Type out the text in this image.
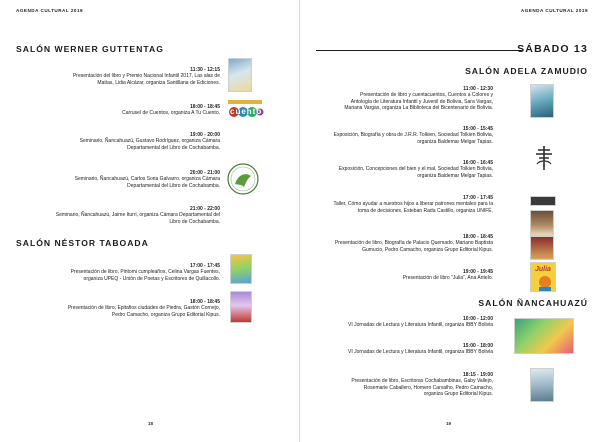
AGENDA CULTURAL 2019
SALÓN WERNER GUTTENTAG
11:30 - 12:15
Presentación del libro y Premio Nacional Infantil 2017, Las alas de
Matías, Lidia Alcázar, organiza Santillana de Ediciones.
18:00 - 18:45
Carrusel de Cuentos, organiza A Tu Cuento. cuento
19:00 - 20:00
Seminario, Ñancahuazú, Gustavo Rodríguez, organiza Cámara
Departamental del Libro de Cochabamba.
20:00 - 21:00
Seminario, Ñancahuazú, Carlos Soria Galvarro, organiza Cámara
Departamental del Libro de Cochabamba.
21:00 - 22:00
Seminario, Ñancahuazú, Jaime Iturri, organiza Cámara Departamental del
Libro de Cochabamba.
SALÓN NÉSTOR TABOADA
17:00 - 17:45
Presentación de libro, Pintomi cumpleaños, Celina Vargas Fuentes,
organiza UPEQ - Unión de Poetas y Escritores de Quillacollo.
18:00 - 18:45
Presentación de libro, Epitafios ciudades de Piedra, Gastón Cornejo,
Pedro Camacho, organiza Grupo Editorial Kipus.
18
AGENDA CULTURAL 2019
SÁBADO 13
SALÓN ADELA ZAMUDIO
11:00 - 12:30
Presentación de libro y cuentacuentos, Cuentos a Colores y
Antología de Literatura Infantil y Juvenil de Bolivia, Sara Vargas,
Mariana Vargas, organiza La Biblioteca del Bicentenario de Bolivia.
15:00 - 15:45
Exposición, Biografía y obra de J.R.R. Tolkien, Sociedad Tolkien Bolivia,
organiza Baldemar Melgar Tapias.
16:00 - 16:45
Exposición, Concepciones del bien y el mal, Sociedad Tolkien Bolivia,
organiza Baldemar Melgar Tapias.
17:00 - 17:45
Taller, Cómo ayudar a nuestros hijos a liberar patrones mentales para la
toma de decisiones, Esteban Rada Castillo, organiza UNIFÉ.
18:00 - 18:45
Presentación de libro, Biografía de Palacio Quemado, Mariano Baptista
Gumucio, Pedro Camacho, organiza Grupo Editorial Kipus.
19:00 - 19:45
Presentación de libro "Julia", Ana Antelo.
Julia
SALÓN ÑANCAHUAZÚ
10:00 - 12:00
VI Jornadas de Lectura y Literatura Infantil, organiza IBBY Bolivia
15:00 - 18:00
VI Jornadas de Lectura y Literatura Infantil, organiza IBBY Bolivia
18:15 - 19:00
Presentación de libro, Escritoras Cochabambinas, Gaby Vallejo,
Rosemarie Caballero, Homero Carvalho, Pedro Camacho,
organiza Grupo Editorial Kipus.
19
